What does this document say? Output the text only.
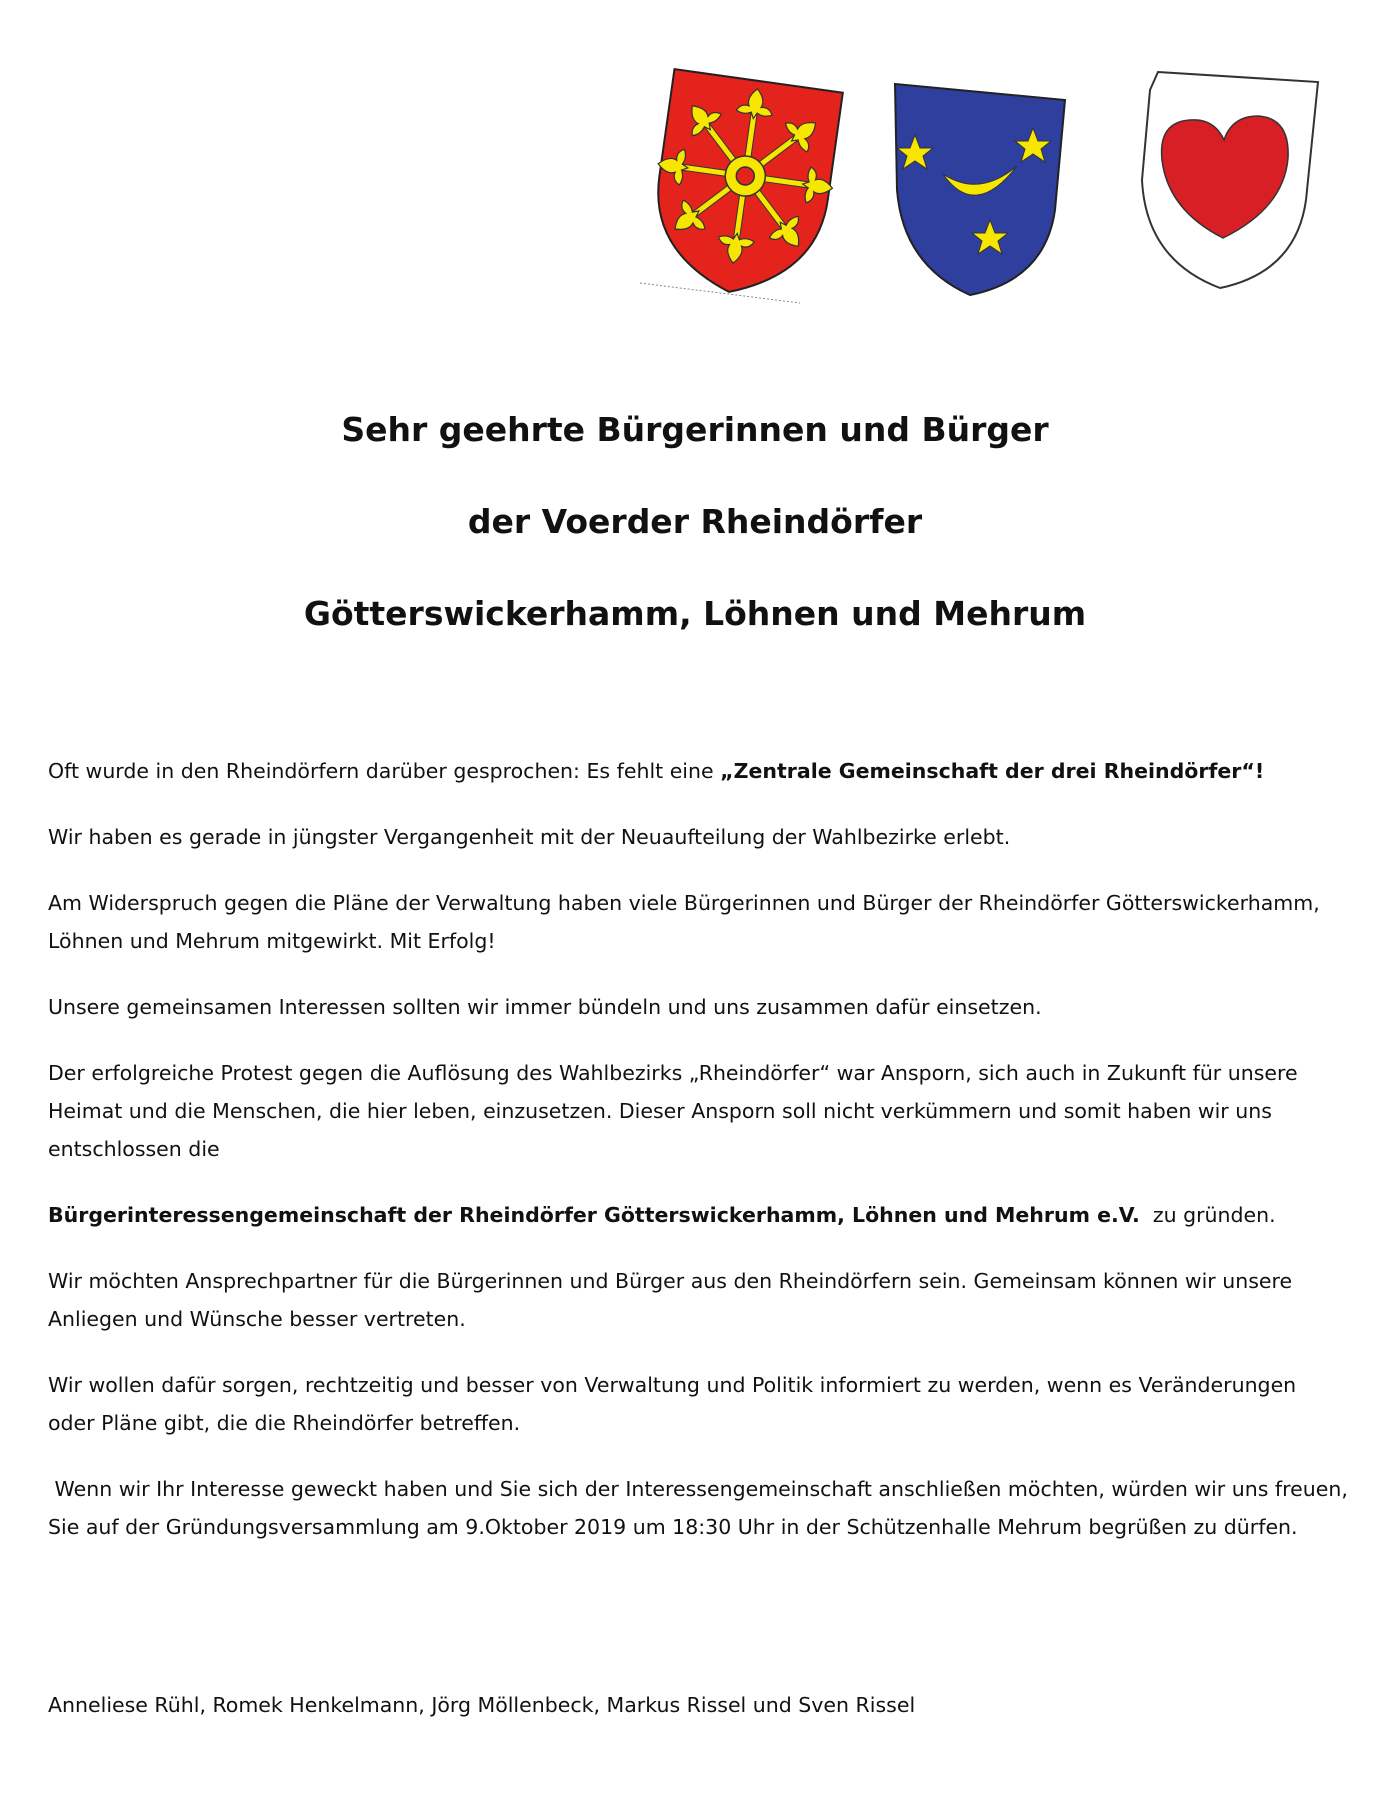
Sehr geehrte Bürgerinnen und Bürger
der Voerder Rheindörfer
Götterswickerhamm, Löhnen und Mehrum

Oft wurde in den Rheindörfern darüber gesprochen: Es fehlt eine „Zentrale Gemeinschaft der drei Rheindörfer“!

Wir haben es gerade in jüngster Vergangenheit mit der Neuaufteilung der Wahlbezirke erlebt.

Am Widerspruch gegen die Pläne der Verwaltung haben viele Bürgerinnen und Bürger der Rheindörfer Götterswickerhamm, Löhnen und Mehrum mitgewirkt. Mit Erfolg!

Unsere gemeinsamen Interessen sollten wir immer bündeln und uns zusammen dafür einsetzen.

Der erfolgreiche Protest gegen die Auflösung des Wahlbezirks „Rheindörfer“ war Ansporn, sich auch in Zukunft für unsere Heimat und die Menschen, die hier leben, einzusetzen. Dieser Ansporn soll nicht verkümmern und somit haben wir uns entschlossen die

Bürgerinteressengemeinschaft der Rheindörfer Götterswickerhamm, Löhnen und Mehrum e.V.  zu gründen.

Wir möchten Ansprechpartner für die Bürgerinnen und Bürger aus den Rheindörfern sein. Gemeinsam können wir unsere Anliegen und Wünsche besser vertreten.

Wir wollen dafür sorgen, rechtzeitig und besser von Verwaltung und Politik informiert zu werden, wenn es Veränderungen oder Pläne gibt, die die Rheindörfer betreffen.

Wenn wir Ihr Interesse geweckt haben und Sie sich der Interessengemeinschaft anschließen möchten, würden wir uns freuen, Sie auf der Gründungsversammlung am 9.Oktober 2019 um 18:30 Uhr in der Schützenhalle Mehrum begrüßen zu dürfen.

Anneliese Rühl, Romek Henkelmann, Jörg Möllenbeck, Markus Rissel und Sven Rissel
